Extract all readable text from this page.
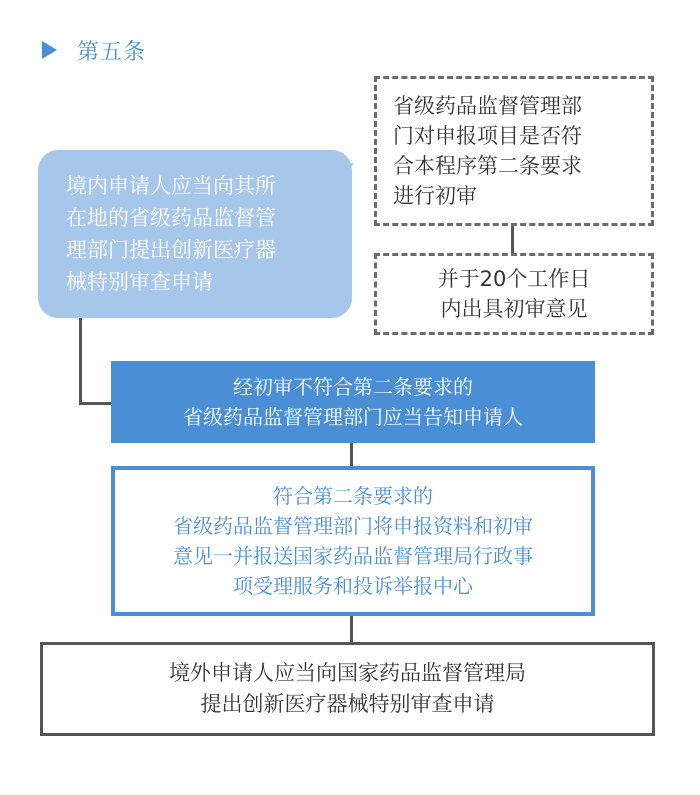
第五条
境内申请人应当向其所
在地的省级药品监督管
理部门提出创新医疗器
械特别审查申请
省级药品监督管理部
门对申报项目是否符
合本程序第二条要求
进行初审
并于20个工作日
内出具初审意见
经初审不符合第二条要求的
省级药品监督管理部门应当告知申请人
符合第二条要求的
省级药品监督管理部门将申报资料和初审
意见一并报送国家药品监督管理局行政事
项受理服务和投诉举报中心
境外申请人应当向国家药品监督管理局
提出创新医疗器械特别审查申请
